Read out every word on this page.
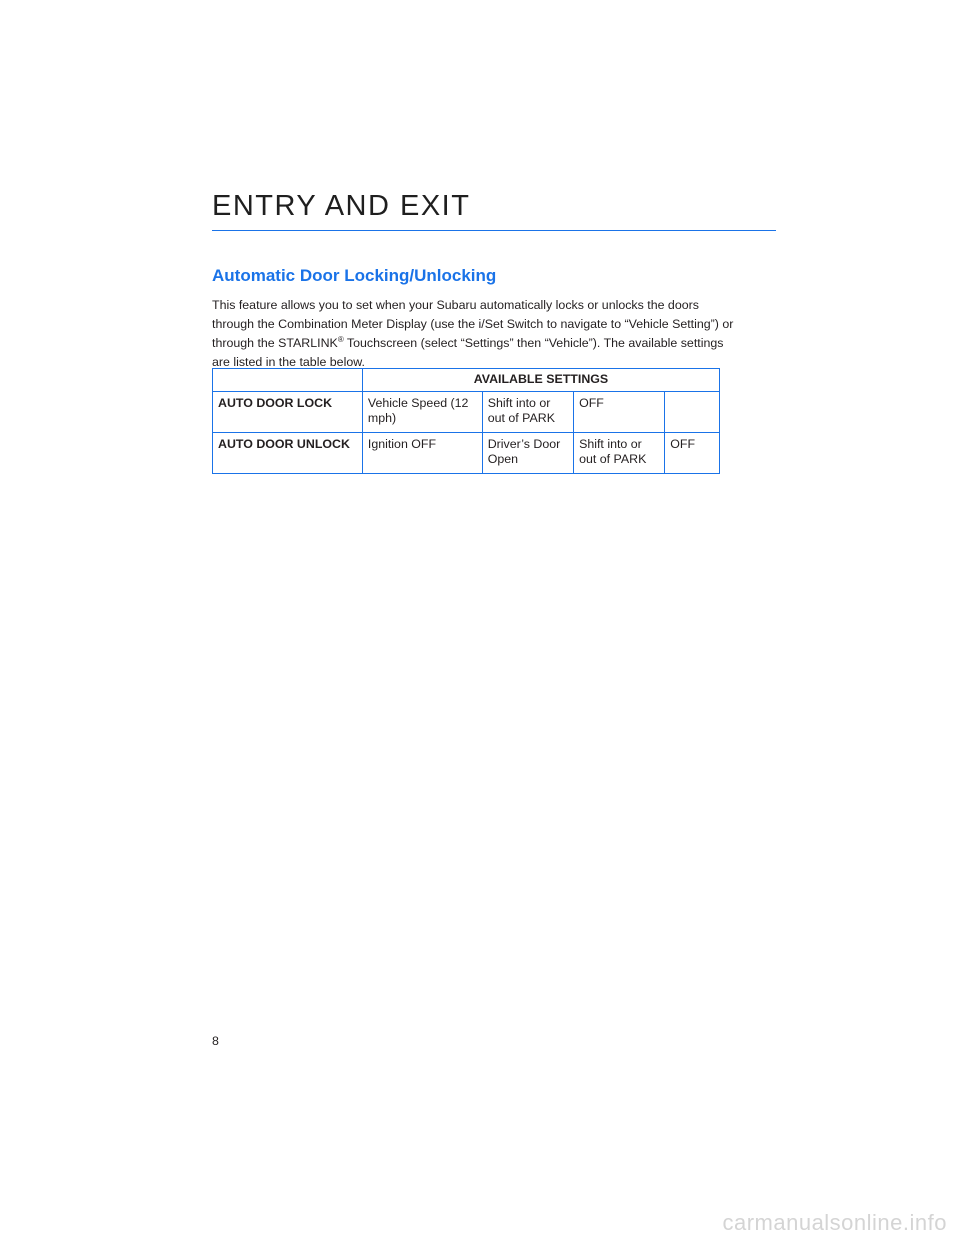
ENTRY AND EXIT
Automatic Door Locking/Unlocking

This feature allows you to set when your Subaru automatically locks or unlocks the doors through the Combination Meter Display (use the i/Set Switch to navigate to “Vehicle Setting”) or through the STARLINK® Touchscreen (select “Settings” then “Vehicle”). The available settings are listed in the table below.

	AVAILABLE SETTINGS			
AUTO DOOR LOCK	Vehicle Speed (12 mph)	Shift into or out of PARK	OFF	
AUTO DOOR UNLOCK	Ignition OFF	Driver’s Door Open	Shift into or out of PARK	OFF
8
carmanualsonline.info
